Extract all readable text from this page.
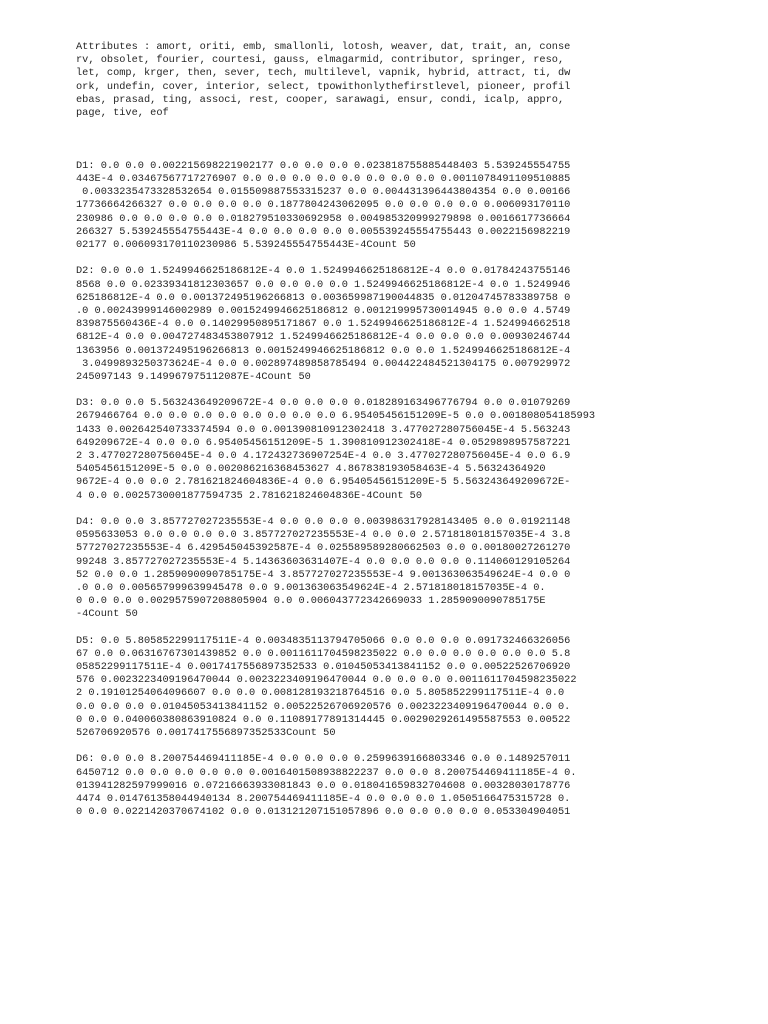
Attributes : amort, oriti, emb, smallonli, lotosh, weaver, dat, trait, an, conse
rv, obsolet, fourier, courtesi, gauss, elmagarmid, contributor, springer, reso,
let, comp, krger, then, sever, tech, multilevel, vapnik, hybrid, attract, ti, dw
ork, undefin, cover, interior, select, tpowithonlythefirstlevel, pioneer, profil
ebas, prasad, ting, associ, rest, cooper, sarawagi, ensur, condi, icalp, appro,
page, tive, eof
D1: 0.0 0.0 0.002215698221902177 0.0 0.0 0.0 0.023818755885448403 5.539245554755
443E-4 0.03467567717276907 0.0 0.0 0.0 0.0 0.0 0.0 0.0 0.0 0.0011078491109510885
0.0033235473328532654 0.015509887553315237 0.0 0.004431396443804354 0.0 0.00166
17736664266327 0.0 0.0 0.0 0.0 0.1877804243062095 0.0 0.0 0.0 0.0 0.006093170110
230986 0.0 0.0 0.0 0.0 0.018279510330692958 0.004985320999279898 0.0016617736664
266327 5.539245554755443E-4 0.0 0.0 0.0 0.0 0.005539245554755443 0.0022156982219
02177 0.006093170110230986 5.539245554755443E-4Count 50
D2: 0.0 0.0 1.5249946625186812E-4 0.0 1.5249946625186812E-4 0.0 0.01784243755146
8568 0.0 0.02339341812303657 0.0 0.0 0.0 0.0 1.5249946625186812E-4 0.0 1.5249946
625186812E-4 0.0 0.001372495196266813 0.003659987190044835 0.01204745783389758 0
.0 0.00243999146002989 0.0015249946625186812 0.001219995730014945 0.0 0.0 4.5749
839875560436E-4 0.0 0.14029950895171867 0.0 1.5249946625186812E-4 1.524994662518
6812E-4 0.0 0.004727483453807912 1.5249946625186812E-4 0.0 0.0 0.0 0.00930246744
1363956 0.001372495196266813 0.0015249946625186812 0.0 0.0 1.5249946625186812E-4
3.0499893250373624E-4 0.0 0.002897489858785494 0.004422484521304175 0.007929972
245097143 9.149967975112087E-4Count 50
D3: 0.0 0.0 5.563243649209672E-4 0.0 0.0 0.0 0.018289163496776794 0.0 0.01079269
2679466764 0.0 0.0 0.0 0.0 0.0 0.0 0.0 0.0 6.95405456151209E-5 0.0 0.001808054185993
1433 0.002642540733374594 0.0 0.001390810912302418 3.477027280756045E-4 5.563243
649209672E-4 0.0 0.0 6.95405456151209E-5 1.390810912302418E-4 0.0529898957587221
2 3.477027280756045E-4 0.0 4.172432736907254E-4 0.0 3.477027280756045E-4 0.0 6.9
5405456151209E-5 0.0 0.002086216368453627 4.867838193058463E-4 5.56324364920
9672E-4 0.0 0.0 2.781621824604836E-4 0.0 6.95405456151209E-5 5.563243649209672E-
4 0.0 0.0025730001877594735 2.781621824604836E-4Count 50
D4: 0.0 0.0 3.857727027235553E-4 0.0 0.0 0.0 0.003986317928143405 0.0 0.01921148
0595633053 0.0 0.0 0.0 0.0 3.857727027235553E-4 0.0 0.0 2.571818018157035E-4 3.8
57727027235553E-4 6.429545045392587E-4 0.025589589280662503 0.0 0.00180027261270
99248 3.857727027235553E-4 5.14363603631407E-4 0.0 0.0 0.0 0.0 0.114060129105264
52 0.0 0.0 1.2859090090785175E-4 3.857727027235553E-4 9.001363063549624E-4 0.0 0
.0 0.0 0.005657999639945478 0.0 9.001363063549624E-4 2.571818018157035E-4 0.
0 0.0 0.0 0.0029575907208805904 0.0 0.006043772342669033 1.2859090090785175E
-4Count 50
D5: 0.0 5.805852299117511E-4 0.0034835113794705066 0.0 0.0 0.0 0.091732466326056
67 0.0 0.06316767301439852 0.0 0.0011611704598235022 0.0 0.0 0.0 0.0 0.0 0.0 5.8
05852299117511E-4 0.0017417556897352533 0.01045053413841152 0.0 0.00522526706920
576 0.0023223409196470044 0.0023223409196470044 0.0 0.0 0.0 0.0011611704598235022
2 0.19101254064096607 0.0 0.0 0.008128193218764516 0.0 5.805852299117511E-4 0.0
0.0 0.0 0.0 0.01045053413841152 0.00522526706920576 0.0023223409196470044 0.0 0.
0 0.0 0.040060380863910824 0.0 0.11089177891314445 0.0029029261495587553 0.00522
526706920576 0.0017417556897352533Count 50
D6: 0.0 0.0 8.200754469411185E-4 0.0 0.0 0.0 0.2599639166803346 0.0 0.1489257011
6450712 0.0 0.0 0.0 0.0 0.0 0.0016401508938822237 0.0 0.0 8.200754469411185E-4 0.
013941282597999016 0.07216663933081843 0.0 0.018041659832704608 0.00328030178776
4474 0.014761358044940134 8.200754469411185E-4 0.0 0.0 0.0 1.0505166475315728 0.
0 0.0 0.0221420370674102 0.0 0.013121207151057896 0.0 0.0 0.0 0.0 0.053304904051
